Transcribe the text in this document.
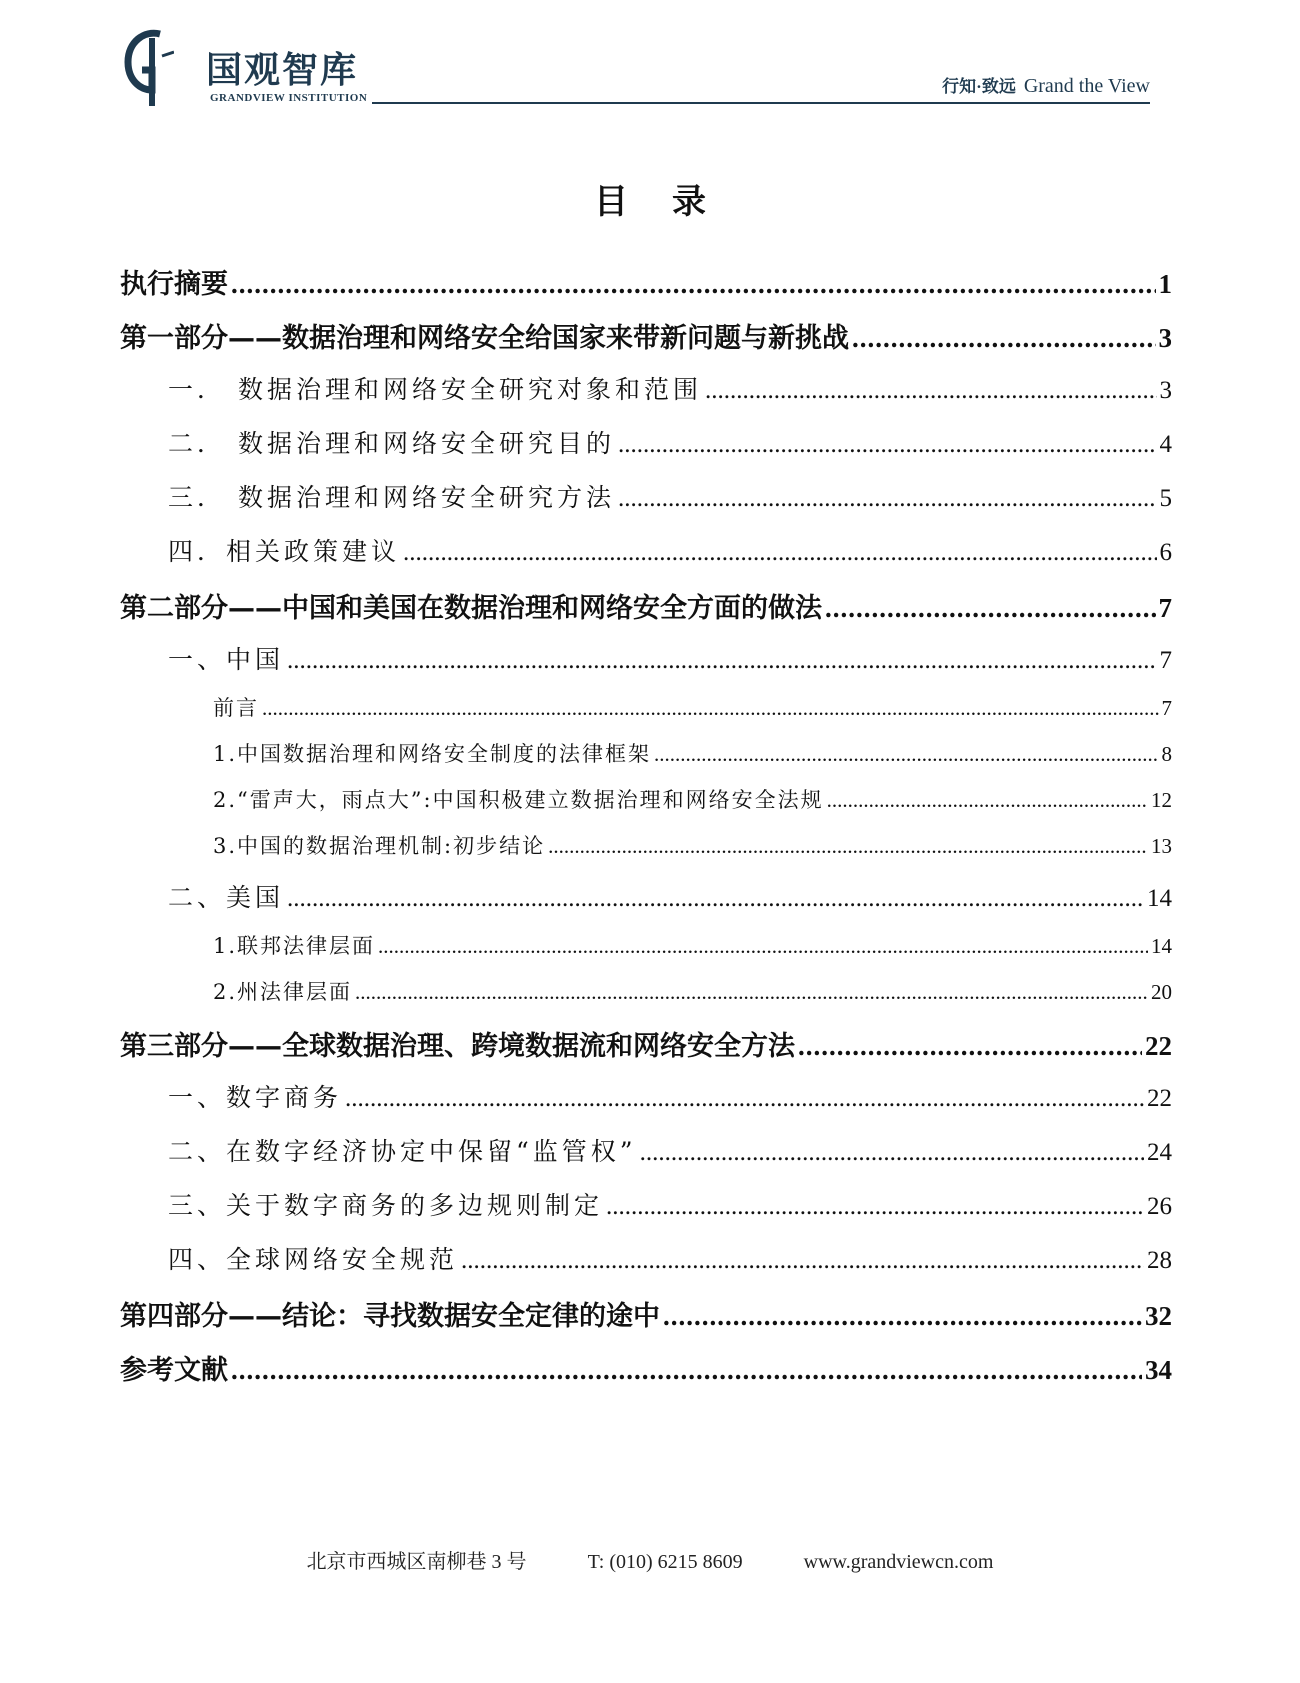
国观智库
GRANDVIEW INSTITUTION
行知·致远 Grand the View
目录
执行摘要 .....	1
第一部分——数据治理和网络安全给国家来带新问题与新挑战 .....	3
一． 数据治理和网络安全研究对象和范围 .....	3
二． 数据治理和网络安全研究目的 .....	4
三． 数据治理和网络安全研究方法 .....	5
四．相关政策建议 .....	6
第二部分——中国和美国在数据治理和网络安全方面的做法 .....	7
一、中国 .....	7
前言 .....	7
1.中国数据治理和网络安全制度的法律框架 .....	8
2.“雷声大，雨点大”:中国积极建立数据治理和网络安全法规 .....	12
3.中国的数据治理机制:初步结论 .....	13
二、美国 .....	14
1.联邦法律层面 .....	14
2.州法律层面 .....	20
第三部分——全球数据治理、跨境数据流和网络安全方法 .....	22
一、数字商务 .....	22
二、在数字经济协定中保留“监管权” .....	24
三、关于数字商务的多边规则制定 .....	26
四、全球网络安全规范 .....	28
第四部分——结论：寻找数据安全定律的途中 .....	32
参考文献 .....	34
北京市西城区南柳巷 3 号	T: (010) 6215 8609	www.grandviewcn.com
